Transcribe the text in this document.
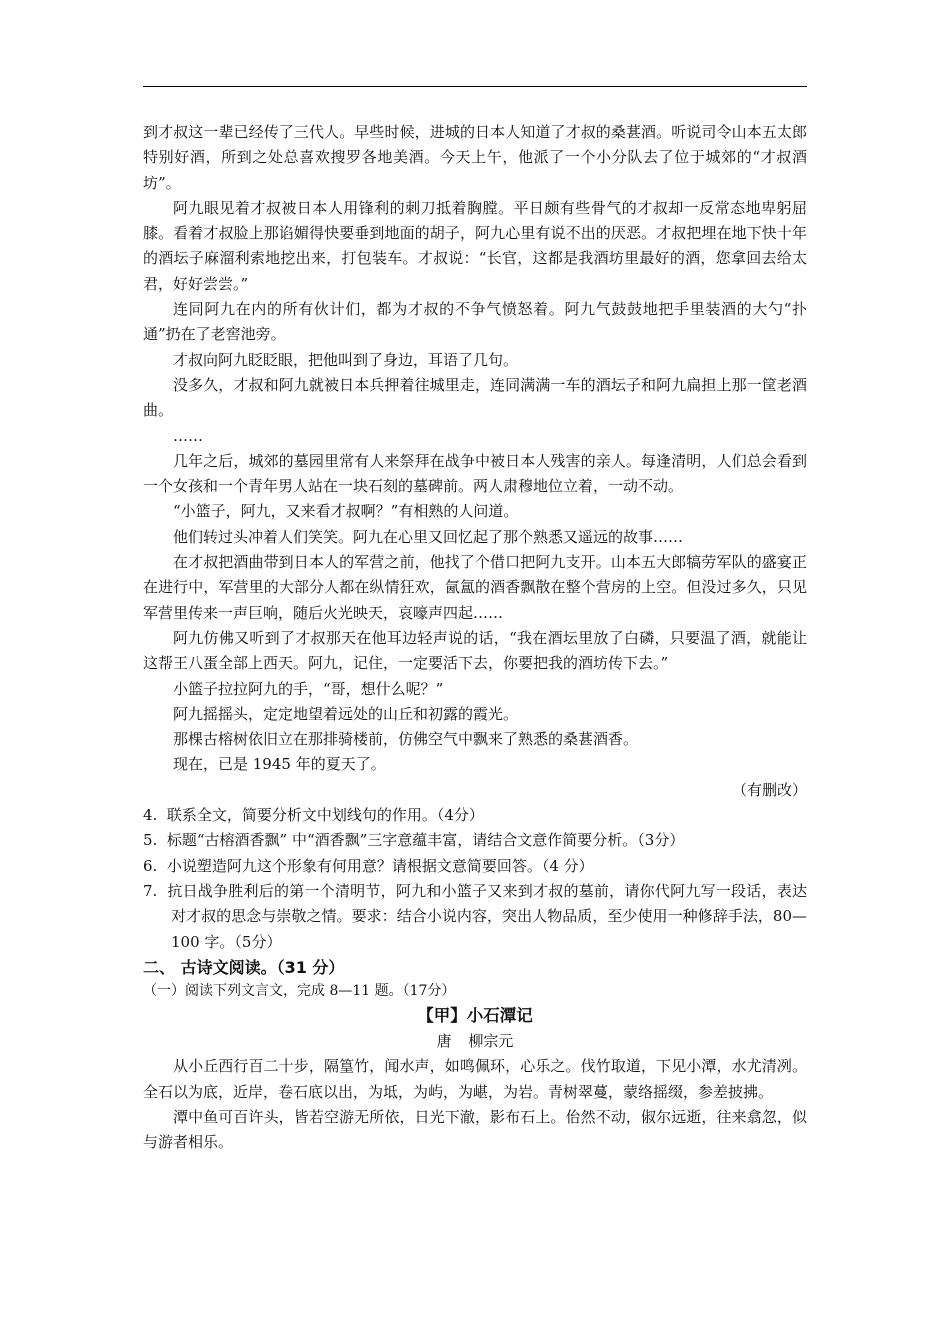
到才叔这一辈已经传了三代人。早些时候，进城的日本人知道了才叔的桑葚酒。听说司令山本五太郎特别好酒，所到之处总喜欢搜罗各地美酒。今天上午，他派了一个小分队去了位于城郊的“才叔酒坊”。

阿九眼见着才叔被日本人用锋利的刺刀抵着胸膛。平日颇有些骨气的才叔却一反常态地卑躬屈膝。看着才叔脸上那谄媚得快要垂到地面的胡子，阿九心里有说不出的厌恶。才叔把埋在地下快十年的酒坛子麻溜利索地挖出来，打包装车。才叔说：“长官，这都是我酒坊里最好的酒，您拿回去给太君，好好尝尝。”

连同阿九在内的所有伙计们，都为才叔的不争气愤怒着。阿九气鼓鼓地把手里装酒的大勺“扑通”扔在了老窖池旁。

才叔向阿九眨眨眼，把他叫到了身边，耳语了几句。

没多久，才叔和阿九就被日本兵押着往城里走，连同满满一车的酒坛子和阿九扁担上那一筐老酒曲。

……

几年之后，城郊的墓园里常有人来祭拜在战争中被日本人残害的亲人。每逢清明，人们总会看到一个女孩和一个青年男人站在一块石刻的墓碑前。两人肃穆地位立着，一动不动。

“小篮子，阿九，又来看才叔啊？”有相熟的人问道。

他们转过头冲着人们笑笑。阿九在心里又回忆起了那个熟悉又遥远的故事……

在才叔把酒曲带到日本人的军营之前，他找了个借口把阿九支开。山本五大郎犒劳军队的盛宴正在进行中，军营里的大部分人都在纵情狂欢，氤氲的酒香飘散在整个营房的上空。但没过多久，只见军营里传来一声巨响，随后火光映天，哀嚎声四起……

阿九仿佛又听到了才叔那天在他耳边轻声说的话，“我在酒坛里放了白磷，只要温了酒，就能让这帮王八蛋全部上西天。阿九，记住，一定要活下去，你要把我的酒坊传下去。”

小篮子拉拉阿九的手，“哥，想什么呢？”

阿九摇摇头，定定地望着远处的山丘和初露的霞光。

那棵古榕树依旧立在那排骑楼前，仿佛空气中飘来了熟悉的桑葚酒香。

现在，已是 1945 年的夏天了。

（有删改）

4. 联系全文，简要分析文中划线句的作用。（4分）

5. 标题“古榕酒香飘” 中“酒香飘”三字意蕴丰富，请结合文意作简要分析。（3分）

6. 小说塑造阿九这个形象有何用意？请根据文意简要回答。（4 分）

7. 抗日战争胜利后的第一个清明节，阿九和小篮子又来到才叔的墓前，请你代阿九写一段话，表达对才叔的思念与崇敬之情。要求：结合小说内容，突出人物品质，至少使用一种修辞手法，80—100 字。（5分）

二、 古诗文阅读。（31 分）

（一）阅读下列文言文，完成 8—11 题。（17分）

【甲】小石潭记

唐 柳宗元

从小丘西行百二十步，隔篁竹，闻水声，如鸣佩环，心乐之。伐竹取道，下见小潭，水尤清冽。全石以为底，近岸，卷石底以出，为坻，为屿，为嵁，为岩。青树翠蔓，蒙络摇缀，参差披拂。

潭中鱼可百许头，皆若空游无所依，日光下澈，影布石上。佁然不动，俶尔远逝，往来翕忽，似与游者相乐。
